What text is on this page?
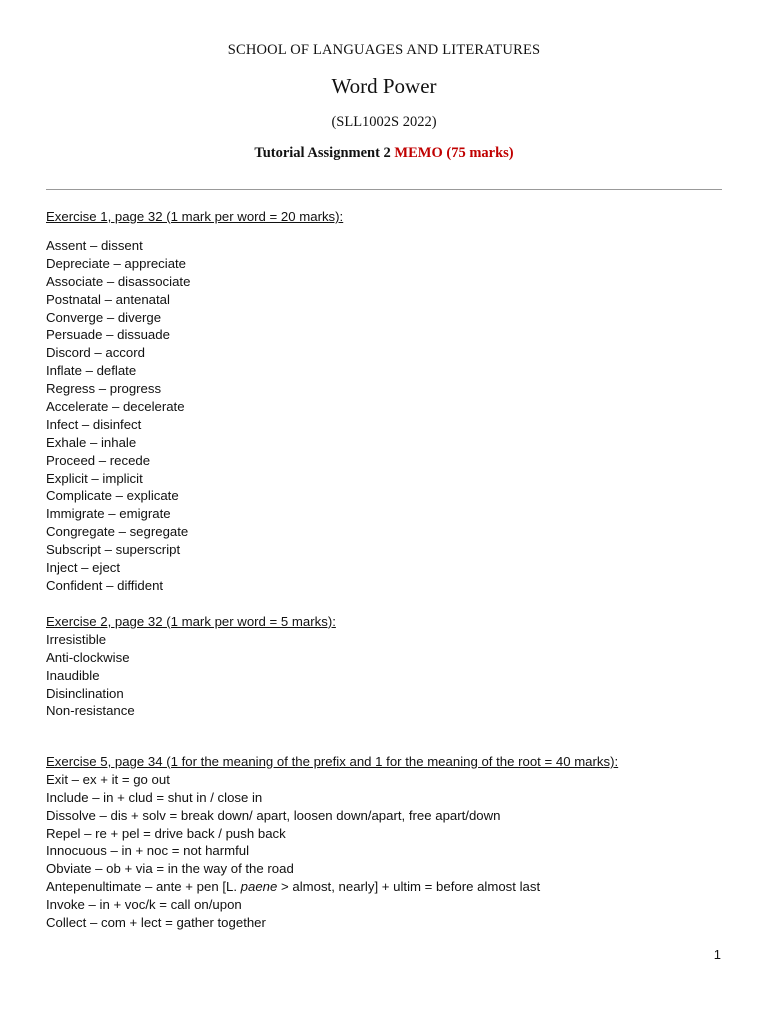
SCHOOL OF LANGUAGES AND LITERATURES
Word Power
(SLL1002S 2022)
Tutorial Assignment 2 MEMO (75 marks)
Exercise 1, page 32 (1 mark per word = 20 marks):
Assent – dissent
Depreciate – appreciate
Associate – disassociate
Postnatal – antenatal
Converge – diverge
Persuade – dissuade
Discord – accord
Inflate – deflate
Regress – progress
Accelerate – decelerate
Infect – disinfect
Exhale – inhale
Proceed – recede
Explicit – implicit
Complicate – explicate
Immigrate – emigrate
Congregate – segregate
Subscript – superscript
Inject – eject
Confident – diffident
Exercise 2, page 32 (1 mark per word = 5 marks):
Irresistible
Anti-clockwise
Inaudible
Disinclination
Non-resistance
Exercise 5, page 34 (1 for the meaning of the prefix and 1 for the meaning of the root = 40 marks):
Exit – ex + it = go out
Include – in + clud = shut in / close in
Dissolve – dis + solv = break down/ apart, loosen down/apart, free apart/down
Repel – re + pel = drive back / push back
Innocuous – in + noc = not harmful
Obviate – ob + via = in the way of the road
Antepenultimate – ante + pen [L. paene > almost, nearly] + ultim = before almost last
Invoke – in + voc/k = call on/upon
Collect – com + lect = gather together
1
